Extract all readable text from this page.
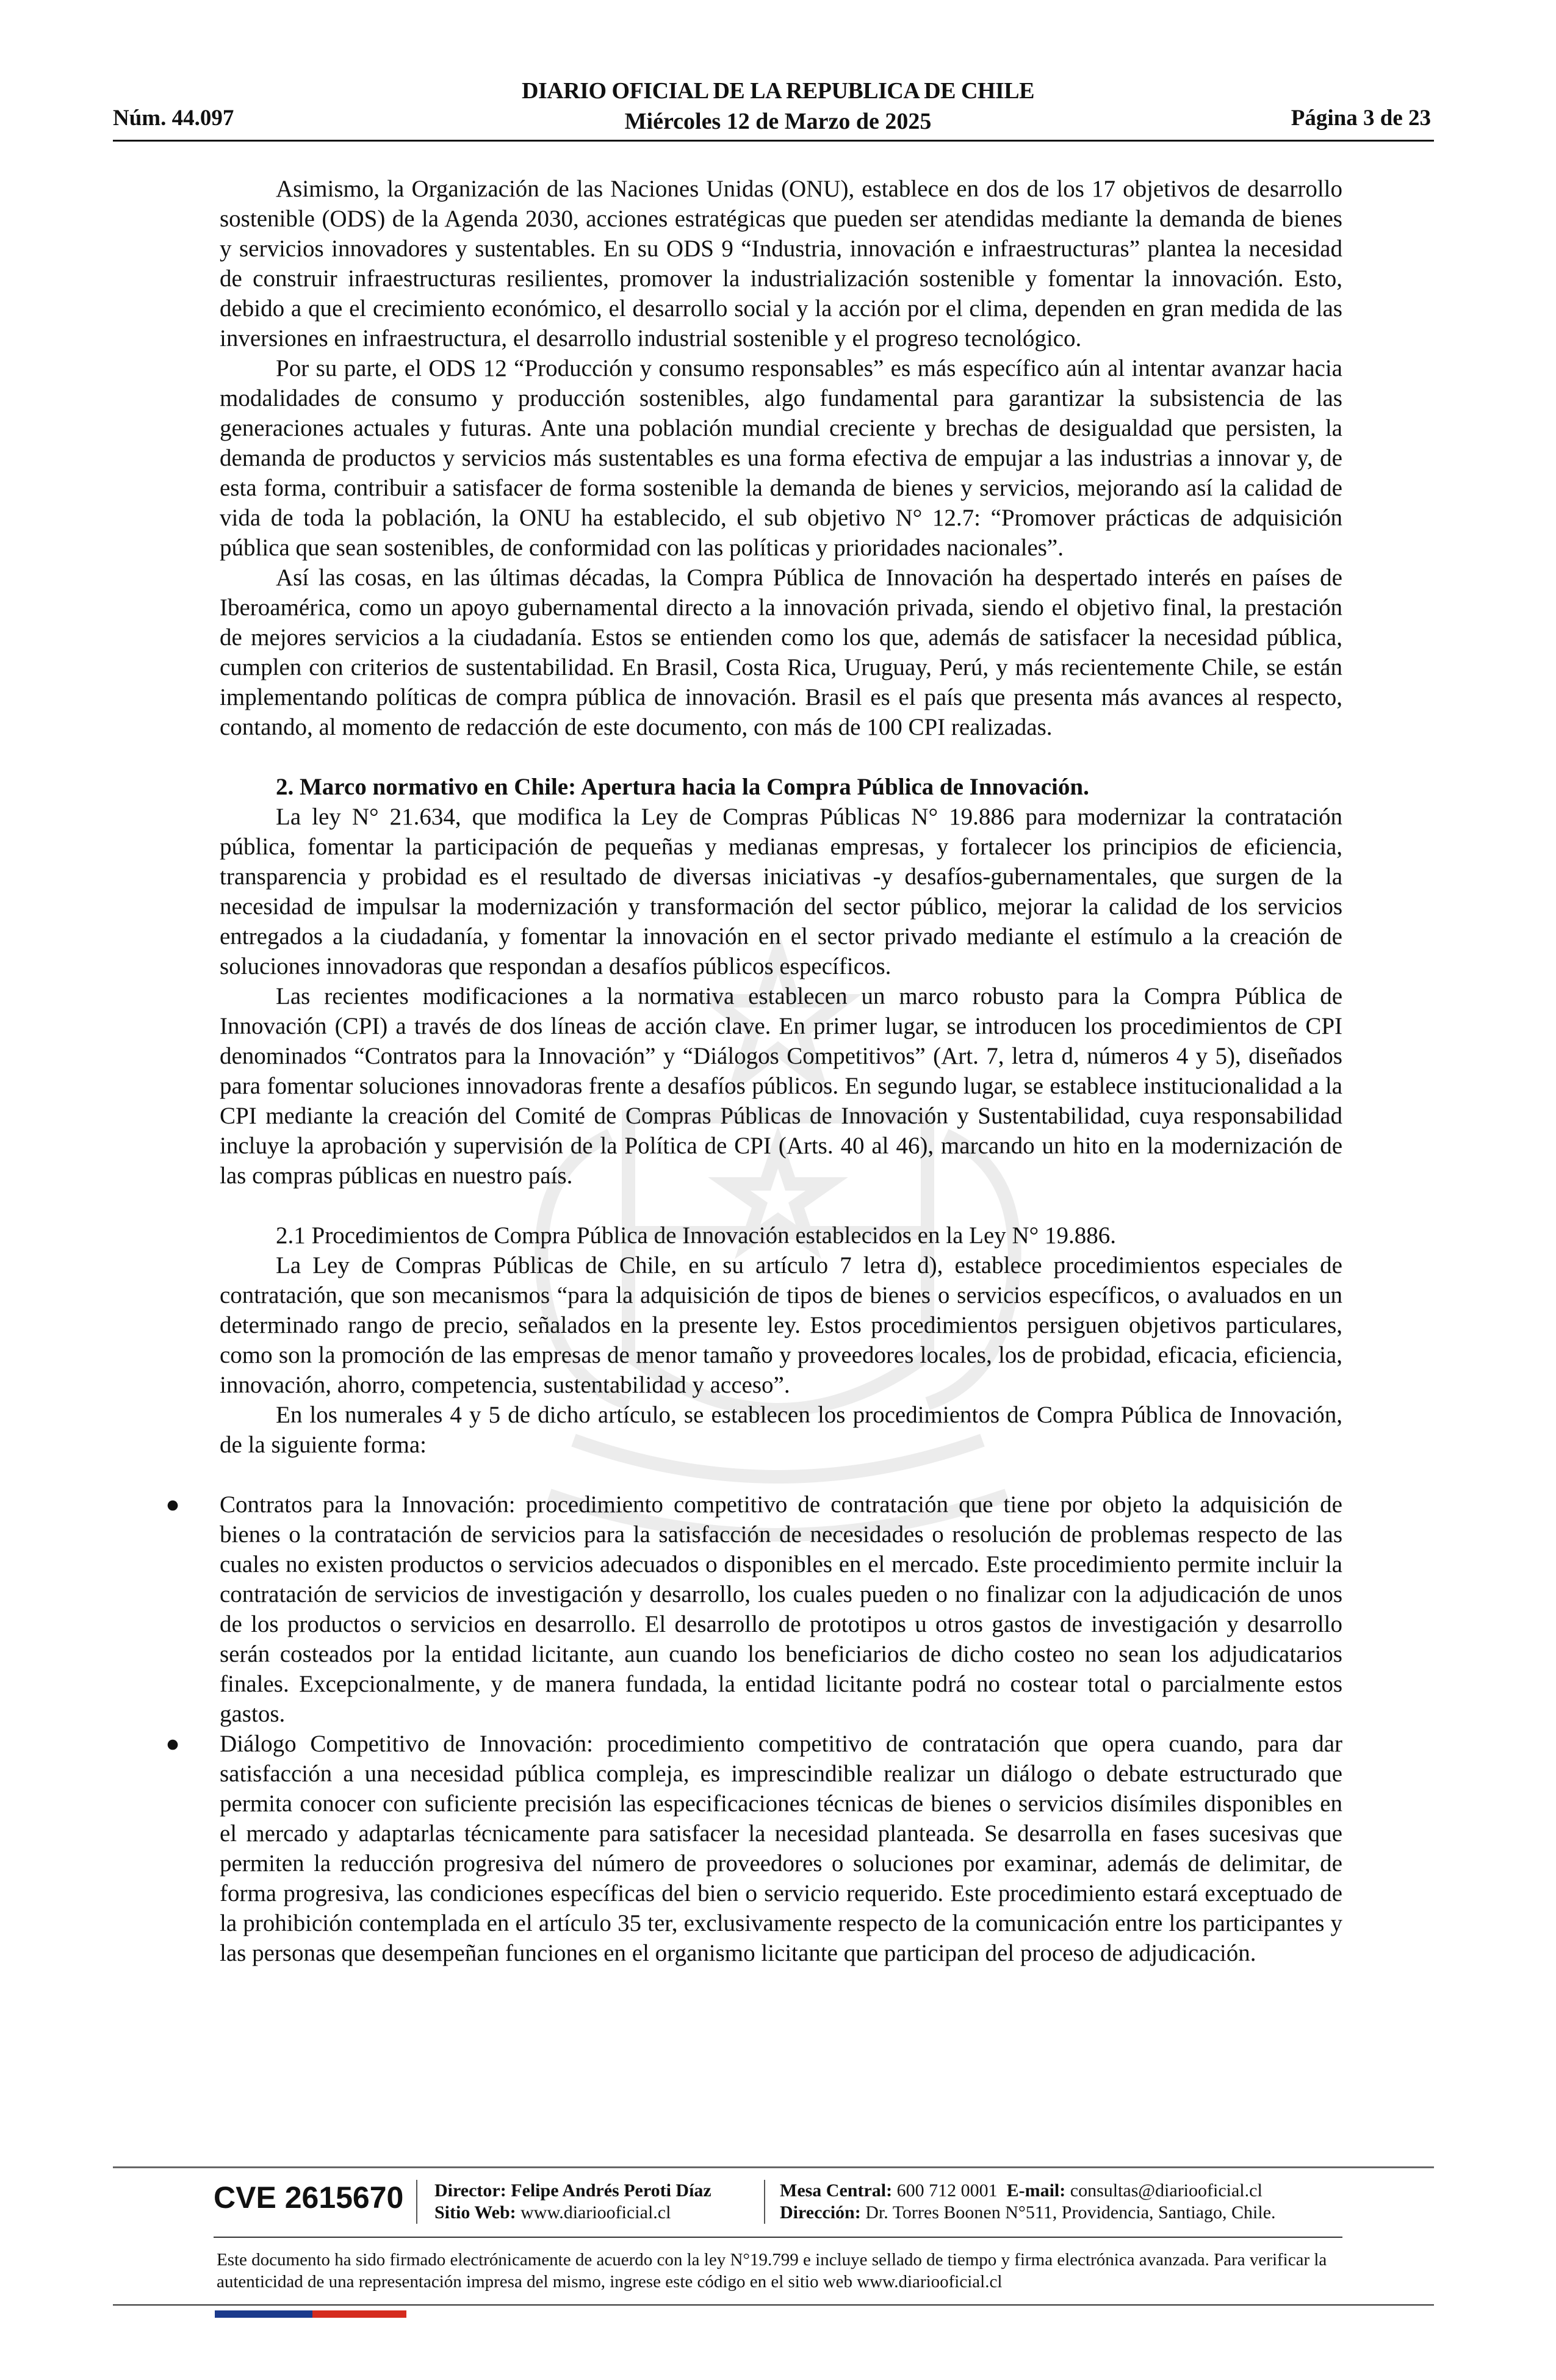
Núm. 44.097
DIARIO OFICIAL DE LA REPUBLICA DE CHILE
Miércoles 12 de Marzo de 2025	Página 3 de 23

Asimismo, la Organización de las Naciones Unidas (ONU), establece en dos de los 17 objetivos de desarrollo sostenible (ODS) de la Agenda 2030, acciones estratégicas que pueden ser atendidas mediante la demanda de bienes y servicios innovadores y sustentables. En su ODS 9 “Industria, innovación e infraestructuras” plantea la necesidad de construir infraestructuras resilientes, promover la industrialización sostenible y fomentar la innovación. Esto, debido a que el crecimiento económico, el desarrollo social y la acción por el clima, dependen en gran medida de las inversiones en infraestructura, el desarrollo industrial sostenible y el progreso tecnológico.

Por su parte, el ODS 12 “Producción y consumo responsables” es más específico aún al intentar avanzar hacia modalidades de consumo y producción sostenibles, algo fundamental para garantizar la subsistencia de las generaciones actuales y futuras. Ante una población mundial creciente y brechas de desigualdad que persisten, la demanda de productos y servicios más sustentables es una forma efectiva de empujar a las industrias a innovar y, de esta forma, contribuir a satisfacer de forma sostenible la demanda de bienes y servicios, mejorando así la calidad de vida de toda la población, la ONU ha establecido, el sub objetivo N° 12.7: “Promover prácticas de adquisición pública que sean sostenibles, de conformidad con las políticas y prioridades nacionales”.

Así las cosas, en las últimas décadas, la Compra Pública de Innovación ha despertado interés en países de Iberoamérica, como un apoyo gubernamental directo a la innovación privada, siendo el objetivo final, la prestación de mejores servicios a la ciudadanía. Estos se entienden como los que, además de satisfacer la necesidad pública, cumplen con criterios de sustentabilidad. En Brasil, Costa Rica, Uruguay, Perú, y más recientemente Chile, se están implementando políticas de compra pública de innovación. Brasil es el país que presenta más avances al respecto, contando, al momento de redacción de este documento, con más de 100 CPI realizadas.

2. Marco normativo en Chile: Apertura hacia la Compra Pública de Innovación.

La ley N° 21.634, que modifica la Ley de Compras Públicas N° 19.886 para modernizar la contratación pública, fomentar la participación de pequeñas y medianas empresas, y fortalecer los principios de eficiencia, transparencia y probidad es el resultado de diversas iniciativas -y desafíos-gubernamentales, que surgen de la necesidad de impulsar la modernización y transformación del sector público, mejorar la calidad de los servicios entregados a la ciudadanía, y fomentar la innovación en el sector privado mediante el estímulo a la creación de soluciones innovadoras que respondan a desafíos públicos específicos.

Las recientes modificaciones a la normativa establecen un marco robusto para la Compra Pública de Innovación (CPI) a través de dos líneas de acción clave. En primer lugar, se introducen los procedimientos de CPI denominados “Contratos para la Innovación” y “Diálogos Competitivos” (Art. 7, letra d, números 4 y 5), diseñados para fomentar soluciones innovadoras frente a desafíos públicos. En segundo lugar, se establece institucionalidad a la CPI mediante la creación del Comité de Compras Públicas de Innovación y Sustentabilidad, cuya responsabilidad incluye la aprobación y supervisión de la Política de CPI (Arts. 40 al 46), marcando un hito en la modernización de las compras públicas en nuestro país.

2.1 Procedimientos de Compra Pública de Innovación establecidos en la Ley N° 19.886.

La Ley de Compras Públicas de Chile, en su artículo 7 letra d), establece procedimientos especiales de contratación, que son mecanismos “para la adquisición de tipos de bienes o servicios específicos, o avaluados en un determinado rango de precio, señalados en la presente ley. Estos procedimientos persiguen objetivos particulares, como son la promoción de las empresas de menor tamaño y proveedores locales, los de probidad, eficacia, eficiencia, innovación, ahorro, competencia, sustentabilidad y acceso”.

En los numerales 4 y 5 de dicho artículo, se establecen los procedimientos de Compra Pública de Innovación, de la siguiente forma:

● Contratos para la Innovación: procedimiento competitivo de contratación que tiene por objeto la adquisición de bienes o la contratación de servicios para la satisfacción de necesidades o resolución de problemas respecto de las cuales no existen productos o servicios adecuados o disponibles en el mercado. Este procedimiento permite incluir la contratación de servicios de investigación y desarrollo, los cuales pueden o no finalizar con la adjudicación de unos de los productos o servicios en desarrollo. El desarrollo de prototipos u otros gastos de investigación y desarrollo serán costeados por la entidad licitante, aun cuando los beneficiarios de dicho costeo no sean los adjudicatarios finales. Excepcionalmente, y de manera fundada, la entidad licitante podrá no costear total o parcialmente estos gastos.
● Diálogo Competitivo de Innovación: procedimiento competitivo de contratación que opera cuando, para dar satisfacción a una necesidad pública compleja, es imprescindible realizar un diálogo o debate estructurado que permita conocer con suficiente precisión las especificaciones técnicas de bienes o servicios disímiles disponibles en el mercado y adaptarlas técnicamente para satisfacer la necesidad planteada. Se desarrolla en fases sucesivas que permiten la reducción progresiva del número de proveedores o soluciones por examinar, además de delimitar, de forma progresiva, las condiciones específicas del bien o servicio requerido. Este procedimiento estará exceptuado de la prohibición contemplada en el artículo 35 ter, exclusivamente respecto de la comunicación entre los participantes y las personas que desempeñan funciones en el organismo licitante que participan del proceso de adjudicación.
CVE 2615670 Director: Felipe Andrés Peroti Díaz
Sitio Web: www.diariooficial.cl
Mesa Central: 600 712 0001 E-mail: consultas@diariooficial.cl
Dirección: Dr. Torres Boonen N°511, Providencia, Santiago, Chile.
Este documento ha sido firmado electrónicamente de acuerdo con la ley N°19.799 e incluye sellado de tiempo y firma electrónica avanzada. Para verificar la autenticidad de una representación impresa del mismo, ingrese este código en el sitio web www.diariooficial.cl
